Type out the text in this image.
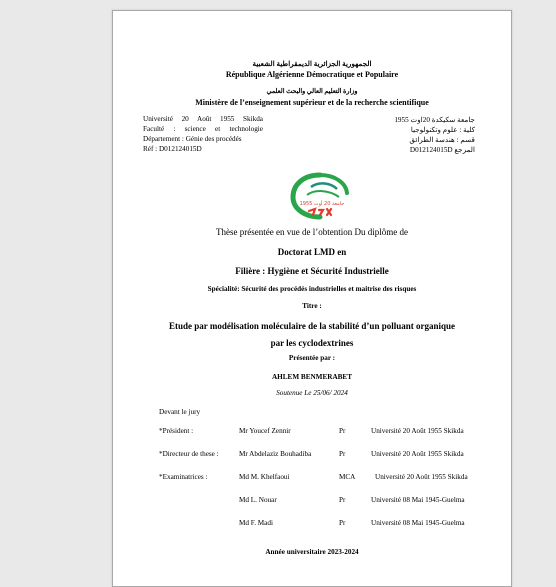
الجمهورية الجزائرية الديمقراطية الشعبية
République Algérienne Démocratique et Populaire
وزارة التعليم العالي والبحث العلمي
Ministère de l’enseignement supérieur et de la recherche scientifique
Université 20 Août 1955 Skikda
Faculté : science et technologie
Département : Génie des procédés
Réf : D012124015D
جامعة سكيكدة 20اوت 1955
كلية : علوم وتكنولوجيا
قسم : هندسة الطرائق
D012124015D المرجع
جامعة 20 أوت 1955
Thèse présentée en vue de l’obtention Du diplôme de
Doctorat LMD en
Filière : Hygiène et Sécurité Industrielle
Spécialité: Sécurité des procédés industrielles et maitrise des risques
Titre :
Etude par modélisation moléculaire de la stabilité d’un polluant organique
par les cyclodextrines
Présentée par :
AHLEM BENMERABET
Soutenue Le 25/06/ 2024
Devant le jury
*Président :	Mr Youcef Zennir	Pr	Université 20 Août 1955 Skikda
*Directeur de these :	Mr Abdelaziz Bouhadiba	Pr	Université 20 Août 1955 Skikda
*Examinatrices :	Md M. Khelfaoui	MCA	Université 20 Août 1955 Skikda
Md L. Nouar	Pr	Université 08 Mai 1945-Guelma
Md F. Madi	Pr	Université 08 Mai 1945-Guelma
Année universitaire 2023-2024
